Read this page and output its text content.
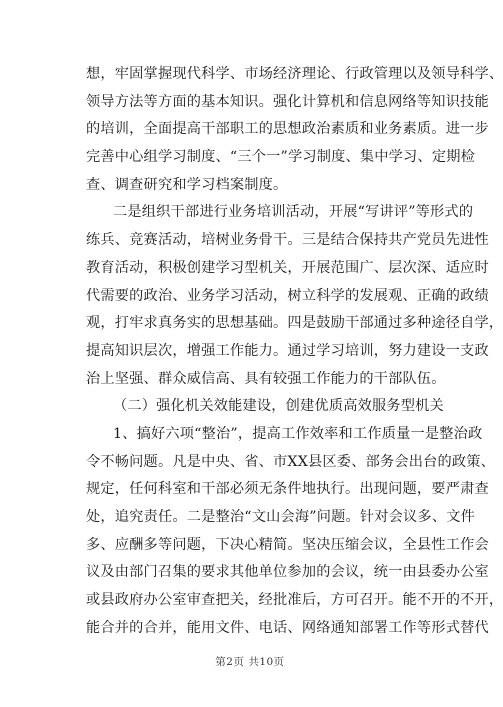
想，牢固掌握现代科学、市场经济理论、行政管理以及领导科学、
领导方法等方面的基本知识。强化计算机和信息网络等知识技能
的培训，全面提高干部职工的思想政治素质和业务素质。进一步
完善中心组学习制度、“三个一”学习制度、集中学习、定期检
查、调查研究和学习档案制度。
二是组织干部进行业务培训活动，开展“写讲评”等形式的
练兵、竞赛活动，培树业务骨干。三是结合保持共产党员先进性
教育活动，积极创建学习型机关，开展范围广、层次深、适应时
代需要的政治、业务学习活动，树立科学的发展观、正确的政绩
观，打牢求真务实的思想基础。四是鼓励干部通过多种途径自学，
提高知识层次，增强工作能力。通过学习培训，努力建设一支政
治上坚强、群众威信高、具有较强工作能力的干部队伍。
（二）强化机关效能建设，创建优质高效服务型机关
1、搞好六项“整治”，提高工作效率和工作质量一是整治政
令不畅问题。凡是中央、省、市XX县区委、部务会出台的政策、
规定，任何科室和干部必须无条件地执行。出现问题，要严肃查
处，追究责任。二是整治“文山会海”问题。针对会议多、文件
多、应酬多等问题，下决心精简。坚决压缩会议，全县性工作会
议及由部门召集的要求其他单位参加的会议，统一由县委办公室
或县政府办公室审查把关，经批准后，方可召开。能不开的不开，
能合并的合并，能用文件、电话、网络通知部署工作等形式替代
第2页 共10页
